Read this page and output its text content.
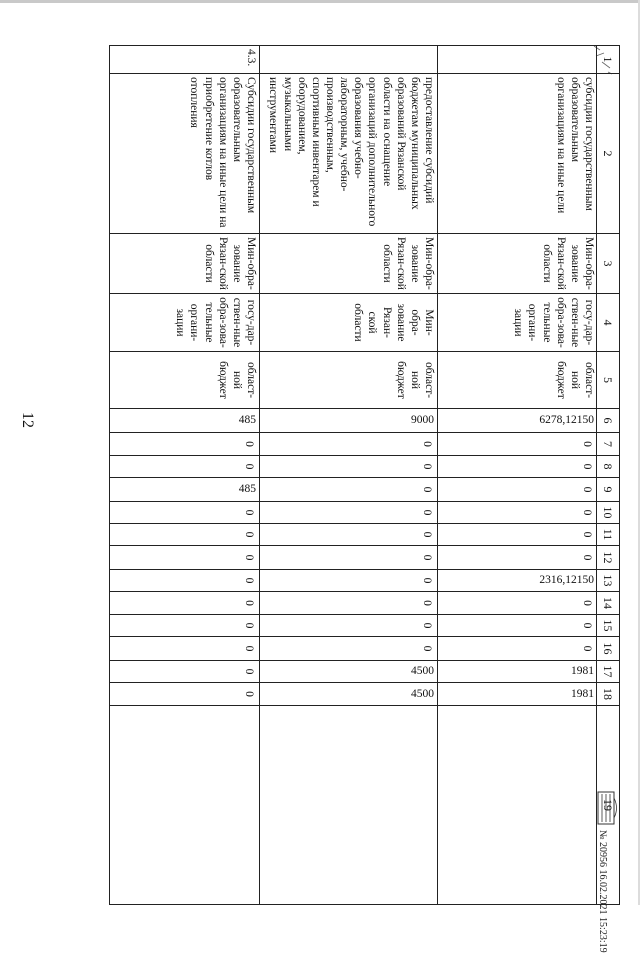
12
1
2
3
4
5
6
7
8
9
10
11
12
13
14
15
16
17
18
19
субсидии государственным образовательным организациям на иные цели
Мин-обра-зование Рязан-ской области
госу-дар-ствен-ные обра-зова-тельные органи-зации
област-ной бюджет
6278,12150
0
0
0
0
0
0
2316,12150
0
0
0
1981
1981
предоставление субсидий бюджетам муниципальных образований Рязанской области на оснащение организаций дополнительного образования учебно-лабораторным, учебно-производственным, спортивным инвентарем и оборудованием, музыкальными инструментами
Мин-обра-зование Рязан-ской области
Мин-обра-зование Рязан-ской области
област-ной бюджет
9000
0
0
0
0
0
0
0
0
0
0
4500
4500
4.3.
Субсидии государственным образовательным организациям на иные цели на приобретение котлов отопления
Мин-обра-зование Рязан-ской области
госу-дар-ствен-ные обра-зова-тельные органи-зации
област-ной бюджет
485
0
0
485
0
0
0
0
0
0
0
0
0
№ 20956 16.02.2021 15:23:19
